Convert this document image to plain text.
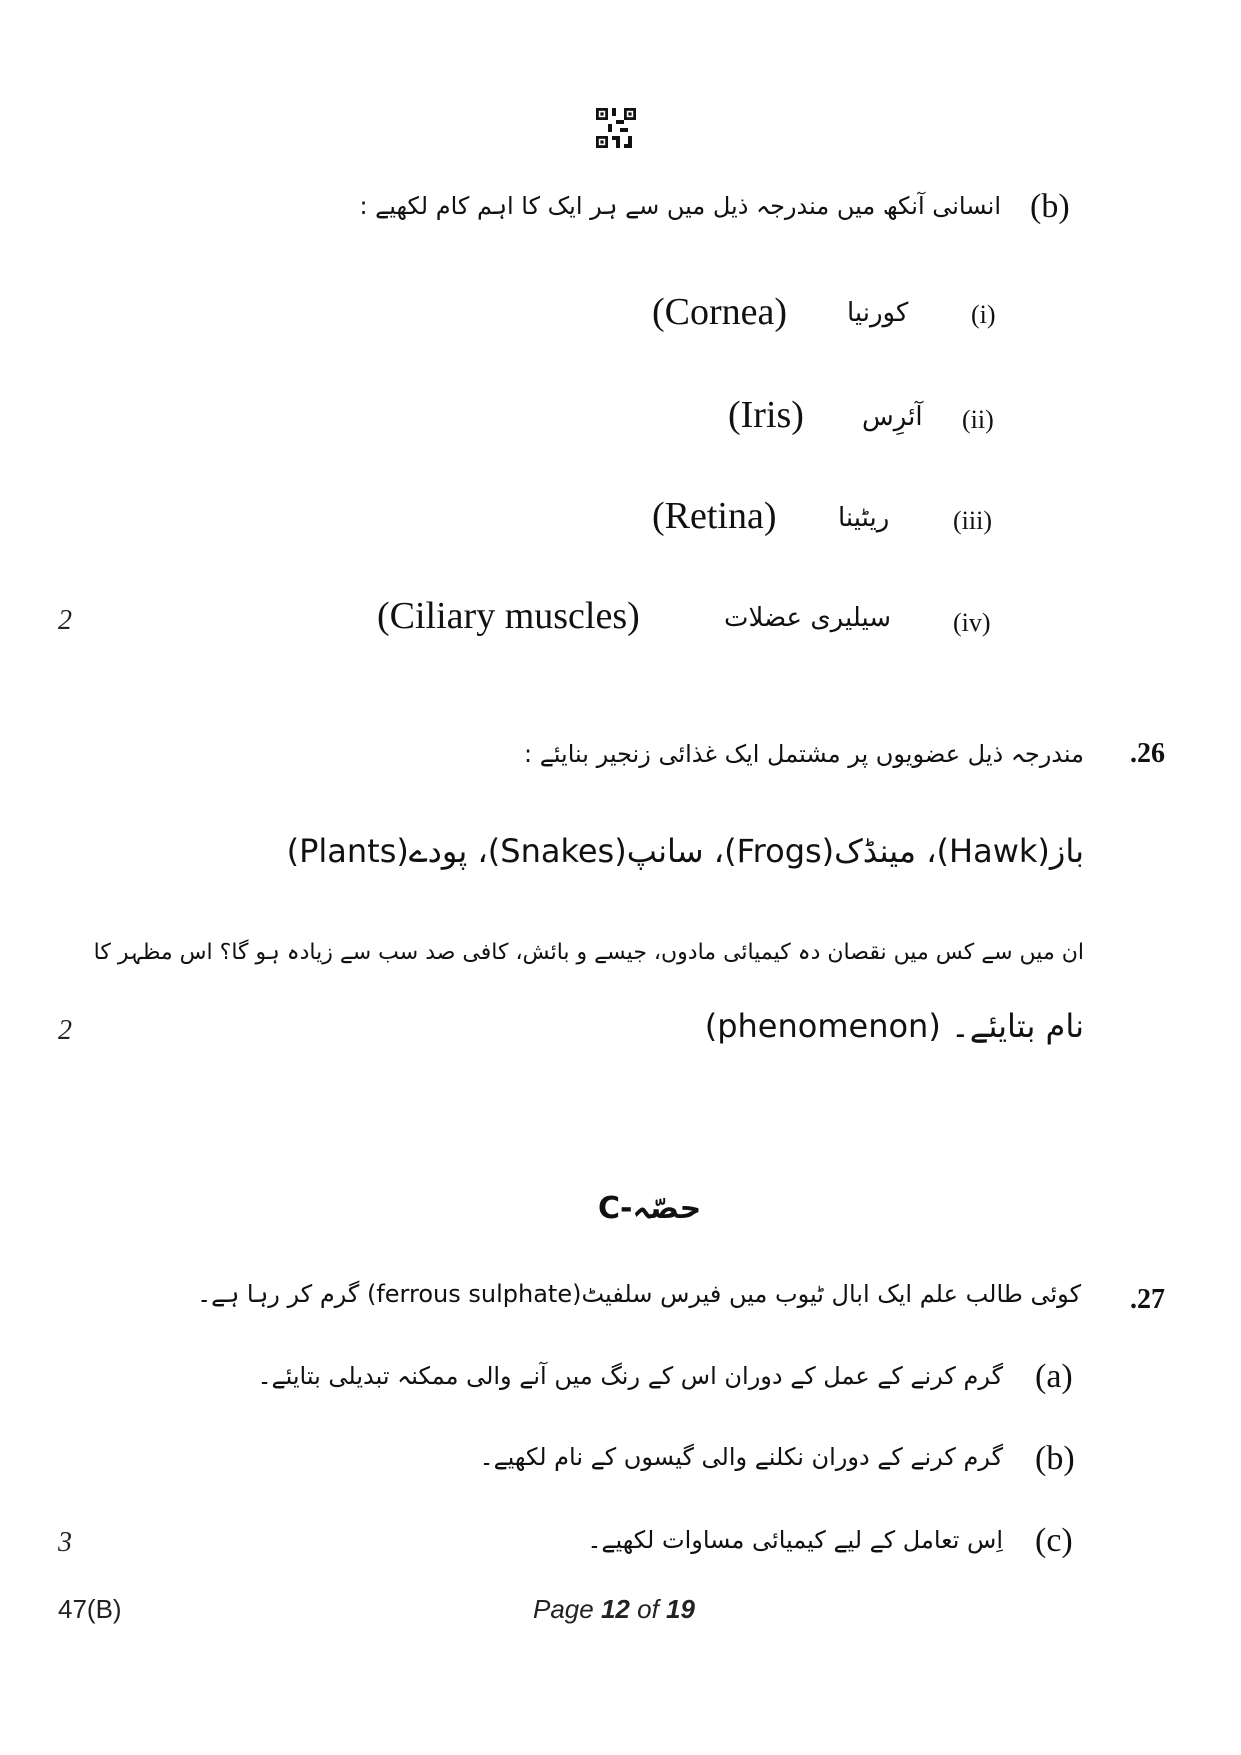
(b)
انسانی آنکھ میں مندرجہ ذیل میں سے ہر ایک کا اہم کام لکھیے :
(i)
کورنیا
(Cornea)
(ii)
آئرِس
(Iris)
(iii)
ریٹینا
(Retina)
2	(iv)
سیلیری عضلات
(Ciliary muscles)
.26
مندرجہ ذیل عضویوں پر مشتمل ایک غذائی زنجیر بنایئے :
باز(Hawk)، مینڈک(Frogs)، سانپ(Snakes)، پودے(Plants)
ان میں سے کس میں نقصان دہ کیمیائی مادوں، جیسے و بائش، کافی صد سب سے زیادہ ہو گا؟ اس مظہر کا
2	(phenomenon) نام بتایئے۔
حصّہ-C
.27
کوئی طالب علم ایک ابال ٹیوب میں فیرس سلفیٹ(ferrous sulphate) گرم کر رہا ہے۔
(a)
گرم کرنے کے عمل کے دوران اس کے رنگ میں آنے والی ممکنہ تبدیلی بتایئے۔
(b)
گرم کرنے کے دوران نکلنے والی گیسوں کے نام لکھیے۔
3	(c)
اِس تعامل کے لیے کیمیائی مساوات لکھیے۔
47(B)	Page 12 of 19
